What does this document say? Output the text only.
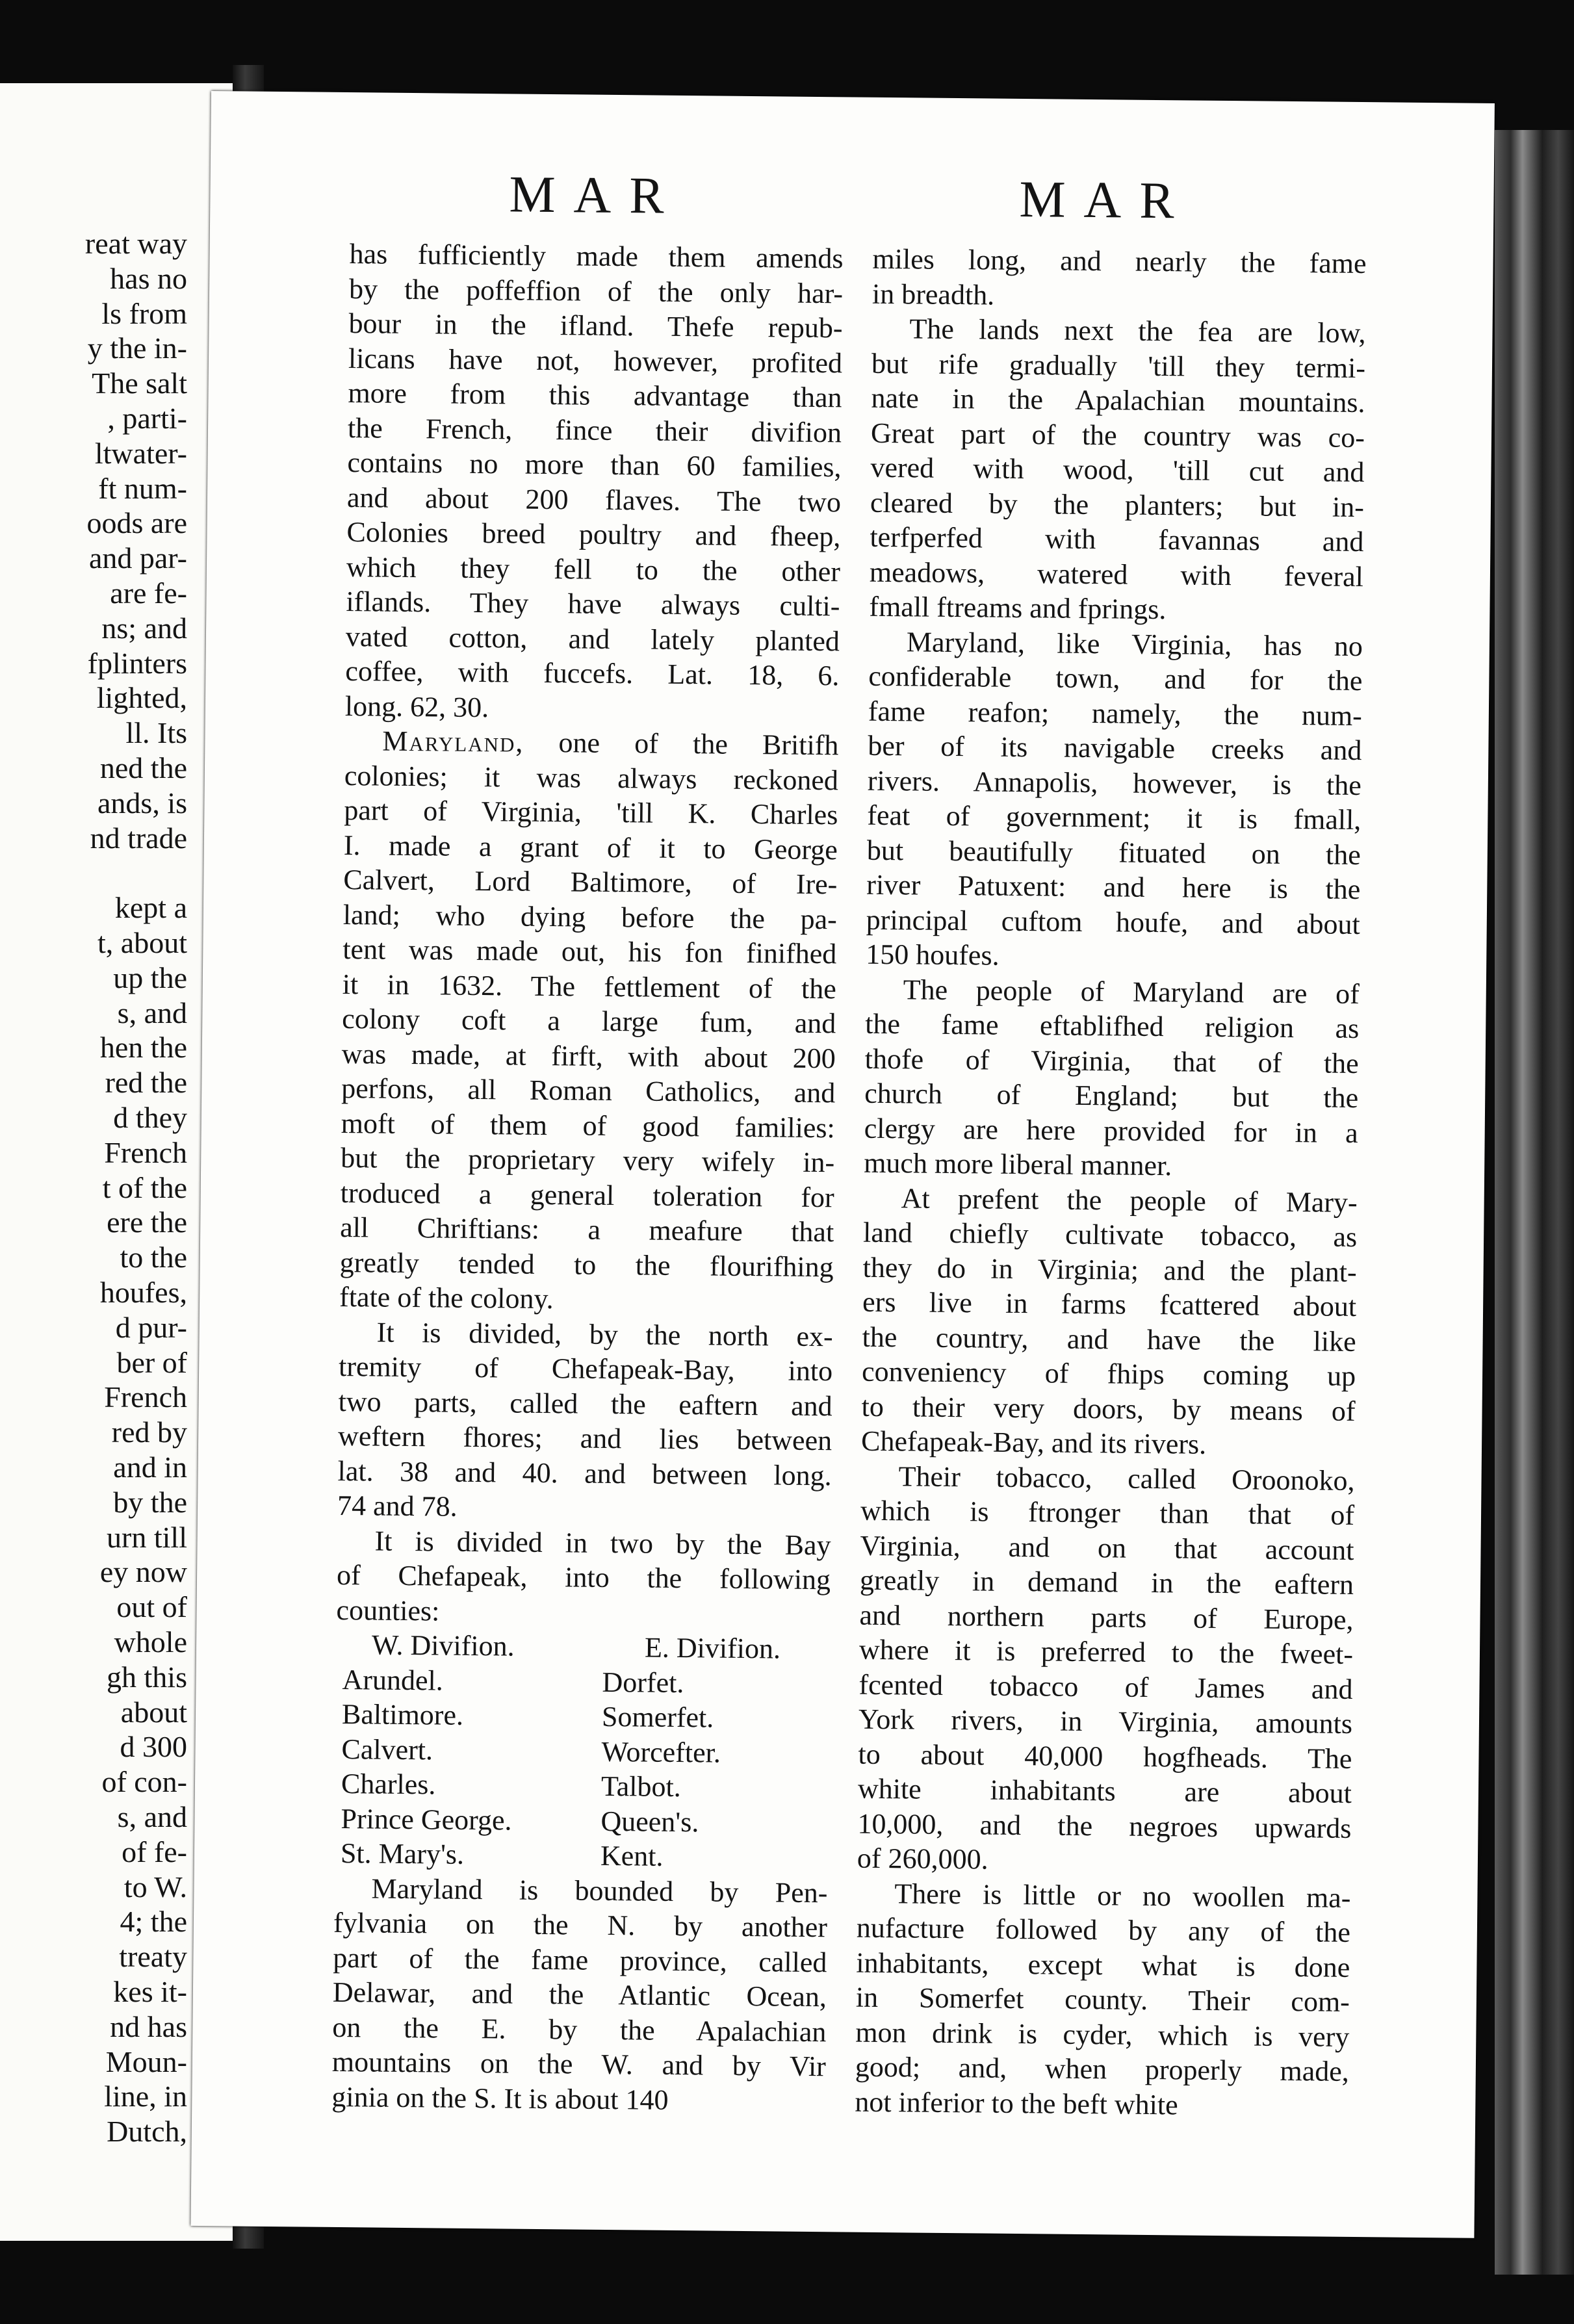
reat way
has no
ls from
y the in-
The salt
, parti-
ltwater-
ft num-
oods are
and par-
are fe-
ns; and
fplinters
lighted,
ll. Its
ned the
ands, is
nd trade
kept a
t, about
up the
s, and
hen the
red the
d they
French
t of the
ere the
to the
houfes,
d pur-
ber of
French
red by
and in
by the
urn till
ey now
out of
whole
gh this
about
d 300
of con-
s, and
of fe-
to W.
4; the
treaty
kes it-
nd has
Moun-
line, in
Dutch,
MAR	MAR
has fufficiently made them amends
by the poffeffion of the only har-
bour in the ifland. Thefe repub-
licans have not, however, profited
more from this advantage than
the French, fince their divifion
contains no more than 60 families,
and about 200 flaves. The two
Colonies breed poultry and fheep,
which they fell to the other
iflands. They have always culti-
vated cotton, and lately planted
coffee, with fuccefs. Lat. 18, 6.
long. 62, 30.
Maryland, one of the Britifh
colonies; it was always reckoned
part of Virginia, 'till K. Charles
I. made a grant of it to George
Calvert, Lord Baltimore, of Ire-
land; who dying before the pa-
tent was made out, his fon finifhed
it in 1632. The fettlement of the
colony coft a large fum, and
was made, at firft, with about 200
perfons, all Roman Catholics, and
moft of them of good families:
but the proprietary very wifely in-
troduced a general toleration for
all Chriftians: a meafure that
greatly tended to the flourifhing
ftate of the colony.
It is divided, by the north ex-
tremity of Chefapeak-Bay, into
two parts, called the eaftern and
weftern fhores; and lies between
lat. 38 and 40. and between long.
74 and 78.
It is divided in two by the Bay
of Chefapeak, into the following
counties:
W. Divifion.	E. Divifion.
Arundel.	Dorfet.
Baltimore.	Somerfet.
Calvert.	Worcefter.
Charles.	Talbot.
Prince George.	Queen's.
St. Mary's.	Kent.
Maryland is bounded by Pen-
fylvania on the N. by another
part of the fame province, called
Delawar, and the Atlantic Ocean,
on the E. by the Apalachian
mountains on the W. and by Vir
ginia on the S. It is about 140
miles long, and nearly the fame
in breadth.
The lands next the fea are low,
but rife gradually 'till they termi-
nate in the Apalachian mountains.
Great part of the country was co-
vered with wood, 'till cut and
cleared by the planters; but in-
terfperfed with favannas and
meadows, watered with feveral
fmall ftreams and fprings.
Maryland, like Virginia, has no
confiderable town, and for the
fame reafon; namely, the num-
ber of its navigable creeks and
rivers. Annapolis, however, is the
feat of government; it is fmall,
but beautifully fituated on the
river Patuxent: and here is the
principal cuftom houfe, and about
150 houfes.
The people of Maryland are of
the fame eftablifhed religion as
thofe of Virginia, that of the
church of England; but the
clergy are here provided for in a
much more liberal manner.
At prefent the people of Mary-
land chiefly cultivate tobacco, as
they do in Virginia; and the plant-
ers live in farms fcattered about
the country, and have the like
conveniency of fhips coming up
to their very doors, by means of
Chefapeak-Bay, and its rivers.
Their tobacco, called Oroonoko,
which is ftronger than that of
Virginia, and on that account
greatly in demand in the eaftern
and northern parts of Europe,
where it is preferred to the fweet-
fcented tobacco of James and
York rivers, in Virginia, amounts
to about 40,000 hogfheads. The
white inhabitants are about
10,000, and the negroes upwards
of 260,000.
There is little or no woollen ma-
nufacture followed by any of the
inhabitants, except what is done
in Somerfet county. Their com-
mon drink is cyder, which is very
good; and, when properly made,
not inferior to the beft white
